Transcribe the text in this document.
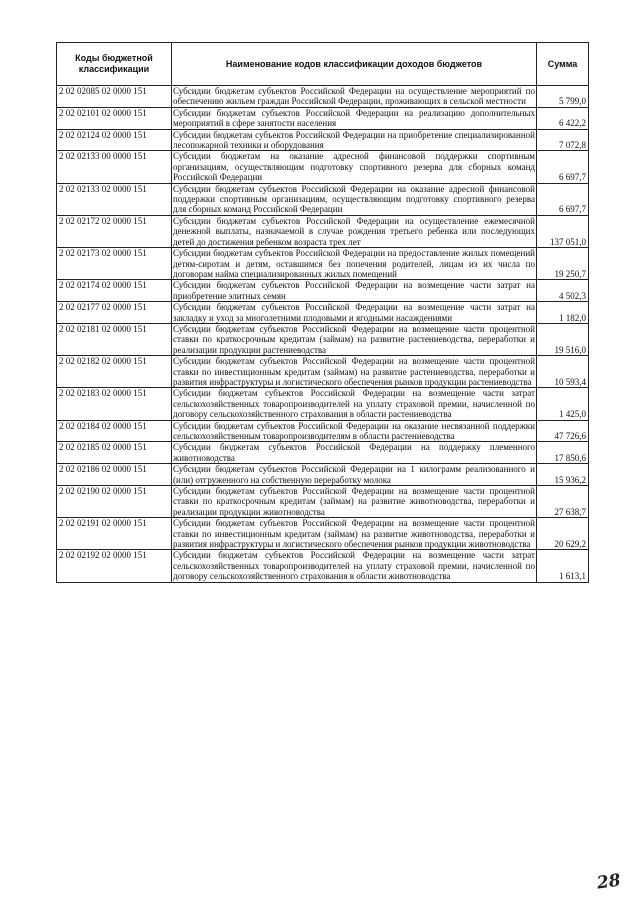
Коды бюджетной классификации	Наименование кодов классификации доходов бюджетов	Сумма
2 02 02085 02 0000 151	Субсидии бюджетам субъектов Российской Федерации на осуществление мероприятий по обеспечению жильем граждан Российской Федерации, проживающих в сельской местности	5 799,0
2 02 02101 02 0000 151	Субсидии бюджетам субъектов Российской Федерации на реализацию дополнительных мероприятий в сфере занятости населения	6 422,2
2 02 02124 02 0000 151	Субсидии бюджетам субъектов Российской Федерации на приобретение специализированной лесопожарной техники и оборудования	7 072,8
2 02 02133 00 0000 151	Субсидии бюджетам на оказание адресной финансовой поддержки спортивным организациям, осуществляющим подготовку спортивного резерва для сборных команд Российской Федерации	6 697,7
2 02 02133 02 0000 151	Субсидии бюджетам субъектов Российской Федерации на оказание адресной финансовой поддержки спортивным организациям, осуществляющим подготовку спортивного резерва для сборных команд Российской Федерации	6 697,7
2 02 02172 02 0000 151	Субсидии бюджетам субъектов Российской Федерации на осуществление ежемесячной денежной выплаты, назначаемой в случае рождения третьего ребенка или последующих детей до достижения ребенком возраста трех лет	137 051,0
2 02 02173 02 0000 151	Субсидии бюджетам субъектов Российской Федерации на предоставление жилых помещений детям-сиротам и детям, оставшимся без попечения родителей, лицам из их числа по договорам найма специализированных жилых помещений	19 250,7
2 02 02174 02 0000 151	Субсидии бюджетам субъектов Российской Федерации на возмещение части затрат на приобретение элитных семян	4 502,3
2 02 02177 02 0000 151	Субсидии бюджетам субъектов Российской Федерации на возмещение части затрат на закладку и уход за многолетними плодовыми и ягодными насаждениями	1 182,0
2 02 02181 02 0000 151	Субсидии бюджетам субъектов Российской Федерации на возмещение части процентной ставки по краткосрочным кредитам (займам) на развитие растениеводства, переработки и реализации продукции растениеводства	19 516,0
2 02 02182 02 0000 151	Субсидии бюджетам субъектов Российской Федерации на возмещение части процентной ставки по инвестиционным кредитам (займам) на развитие растениеводства, переработки и развития инфраструктуры и логистического обеспечения рынков продукции растениеводства	10 593,4
2 02 02183 02 0000 151	Субсидии бюджетам субъектов Российской Федерации на возмещение части затрат сельскохозяйственных товаропроизводителей на уплату страховой премии, начисленной по договору сельскохозяйственного страхования в области растениеводства	1 425,0
2 02 02184 02 0000 151	Субсидии бюджетам субъектов Российской Федерации на оказание несвязанной поддержки сельскохозяйственным товаропроизводителям в области растениеводства	47 726,6
2 02 02185 02 0000 151	Субсидии бюджетам субъектов Российской Федерации на поддержку племенного животноводства	17 850,6
2 02 02186 02 0000 151	Субсидии бюджетам субъектов Российской Федерации на 1 килограмм реализованного и (или) отгруженного на собственную переработку молока	15 936,2
2 02 02190 02 0000 151	Субсидии бюджетам субъектов Российской Федерации на возмещение части процентной ставки по краткосрочным кредитам (займам) на развитие животноводства, переработки и реализации продукции животноводства	27 638,7
2 02 02191 02 0000 151	Субсидии бюджетам субъектов Российской Федерации на возмещение части процентной ставки по инвестиционным кредитам (займам) на развитие животноводства, переработки и развития инфраструктуры и логистического обеспечения рынков продукции животноводства	20 629,2
2 02 02192 02 0000 151	Субсидии бюджетам субъектов Российской Федерации на возмещение части затрат сельскохозяйственных товаропроизводителей на уплату страховой премии, начисленной по договору сельскохозяйственного страхования в области животноводства	1 613,1
28
